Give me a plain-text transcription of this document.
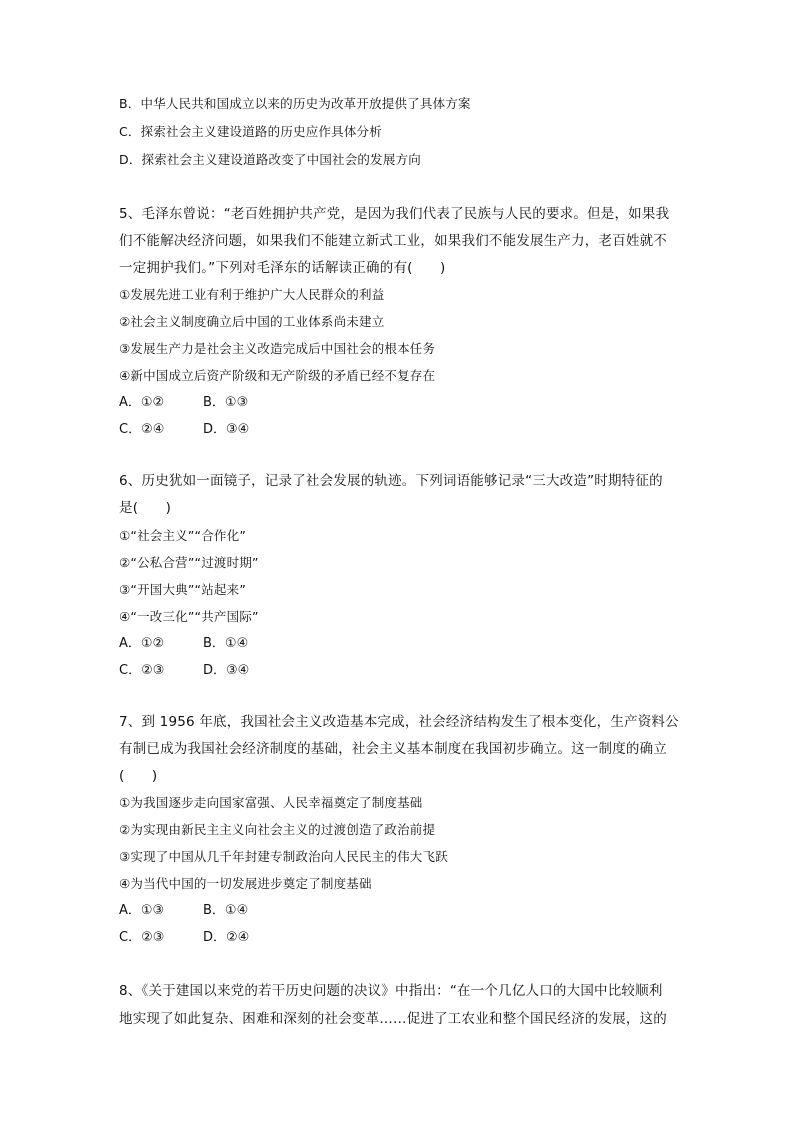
B．中华人民共和国成立以来的历史为改革开放提供了具体方案
C．探索社会主义建设道路的历史应作具体分析
D．探索社会主义建设道路改变了中国社会的发展方向
5、毛泽东曾说：“老百姓拥护共产党，是因为我们代表了民族与人民的要求。但是，如果我
们不能解决经济问题，如果我们不能建立新式工业，如果我们不能发展生产力，老百姓就不
一定拥护我们。”下列对毛泽东的话解读正确的有(　　)
①发展先进工业有利于维护广大人民群众的利益
②社会主义制度确立后中国的工业体系尚未建立
③发展生产力是社会主义改造完成后中国社会的根本任务
④新中国成立后资产阶级和无产阶级的矛盾已经不复存在
A．①②	B．①③
C．②④	D．③④
6、历史犹如一面镜子，记录了社会发展的轨迹。下列词语能够记录“三大改造”时期特征的
是(　　)
①“社会主义”“合作化”
②“公私合营”“过渡时期”
③“开国大典”“站起来”
④“一改三化”“共产国际”
A．①②	B．①④
C．②③	D．③④
7、到 1956 年底，我国社会主义改造基本完成，社会经济结构发生了根本变化，生产资料公
有制已成为我国社会经济制度的基础，社会主义基本制度在我国初步确立。这一制度的确立
(　　)
①为我国逐步走向国家富强、人民幸福奠定了制度基础
②为实现由新民主主义向社会主义的过渡创造了政治前提
③实现了中国从几千年封建专制政治向人民民主的伟大飞跃
④为当代中国的一切发展进步奠定了制度基础
A．①③	B．①④
C．②③	D．②④
8、《关于建国以来党的若干历史问题的决议》中指出：“在一个几亿人口的大国中比较顺利
地实现了如此复杂、困难和深刻的社会变革……促进了工农业和整个国民经济的发展，这的
